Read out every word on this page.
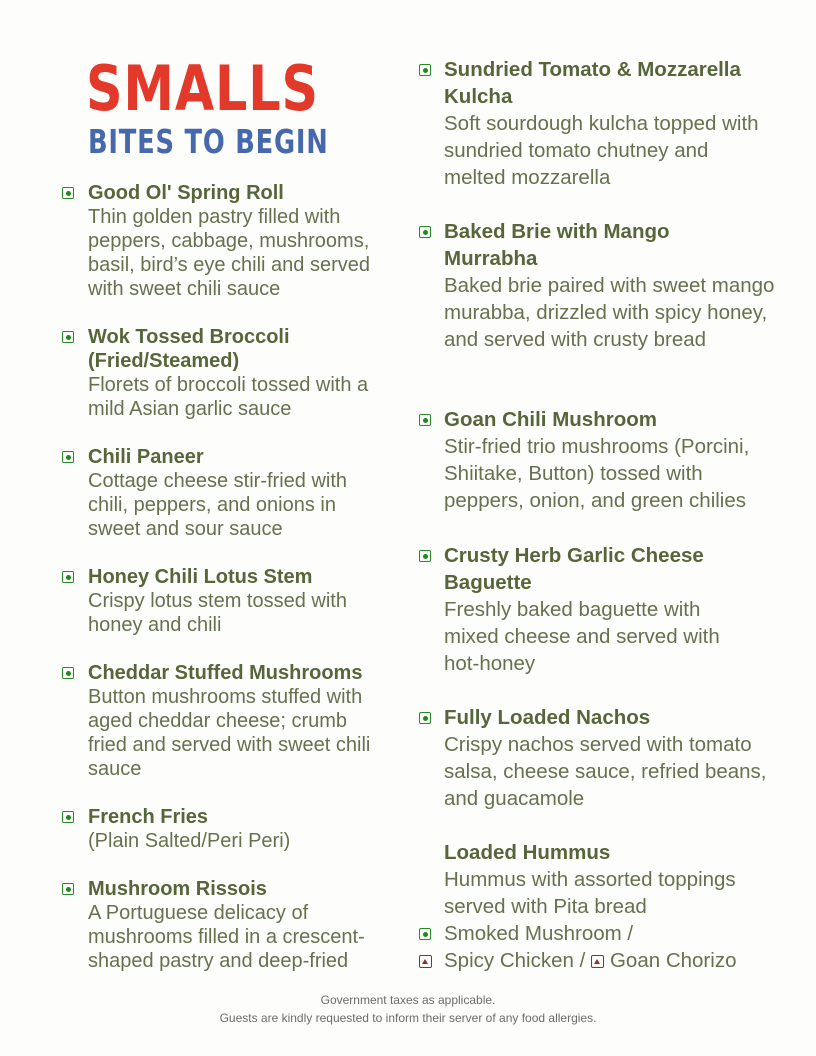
SMALLS
BITES TO BEGIN
Good Ol' Spring Roll
Thin golden pastry filled with peppers, cabbage, mushrooms, basil, bird’s eye chili and served with sweet chili sauce
Wok Tossed Broccoli (Fried/Steamed)
Florets of broccoli tossed with a mild Asian garlic sauce
Chili Paneer
Cottage cheese stir-fried with chili, peppers, and onions in sweet and sour sauce
Honey Chili Lotus Stem
Crispy lotus stem tossed with honey and chili
Cheddar Stuffed Mushrooms
Button mushrooms stuffed with aged cheddar cheese; crumb fried and served with sweet chili sauce
French Fries
(Plain Salted/Peri Peri)
Mushroom Rissois
A Portuguese delicacy of mushrooms filled in a crescent-shaped pastry and deep-fried
Sundried Tomato & Mozzarella Kulcha
Soft sourdough kulcha topped with sundried tomato chutney and melted mozzarella
Baked Brie with Mango Murrabha
Baked brie paired with sweet mango murabba, drizzled with spicy honey, and served with crusty bread
Goan Chili Mushroom
Stir-fried trio mushrooms (Porcini, Shiitake, Button) tossed with peppers, onion, and green chilies
Crusty Herb Garlic Cheese Baguette
Freshly baked baguette with mixed cheese and served with hot-honey
Fully Loaded Nachos
Crispy nachos served with tomato salsa, cheese sauce, refried beans, and guacamole
Loaded Hummus
Hummus with assorted toppings served with Pita bread
Smoked Mushroom /
Spicy Chicken / Goan Chorizo
Government taxes as applicable.
Guests are kindly requested to inform their server of any food allergies.
